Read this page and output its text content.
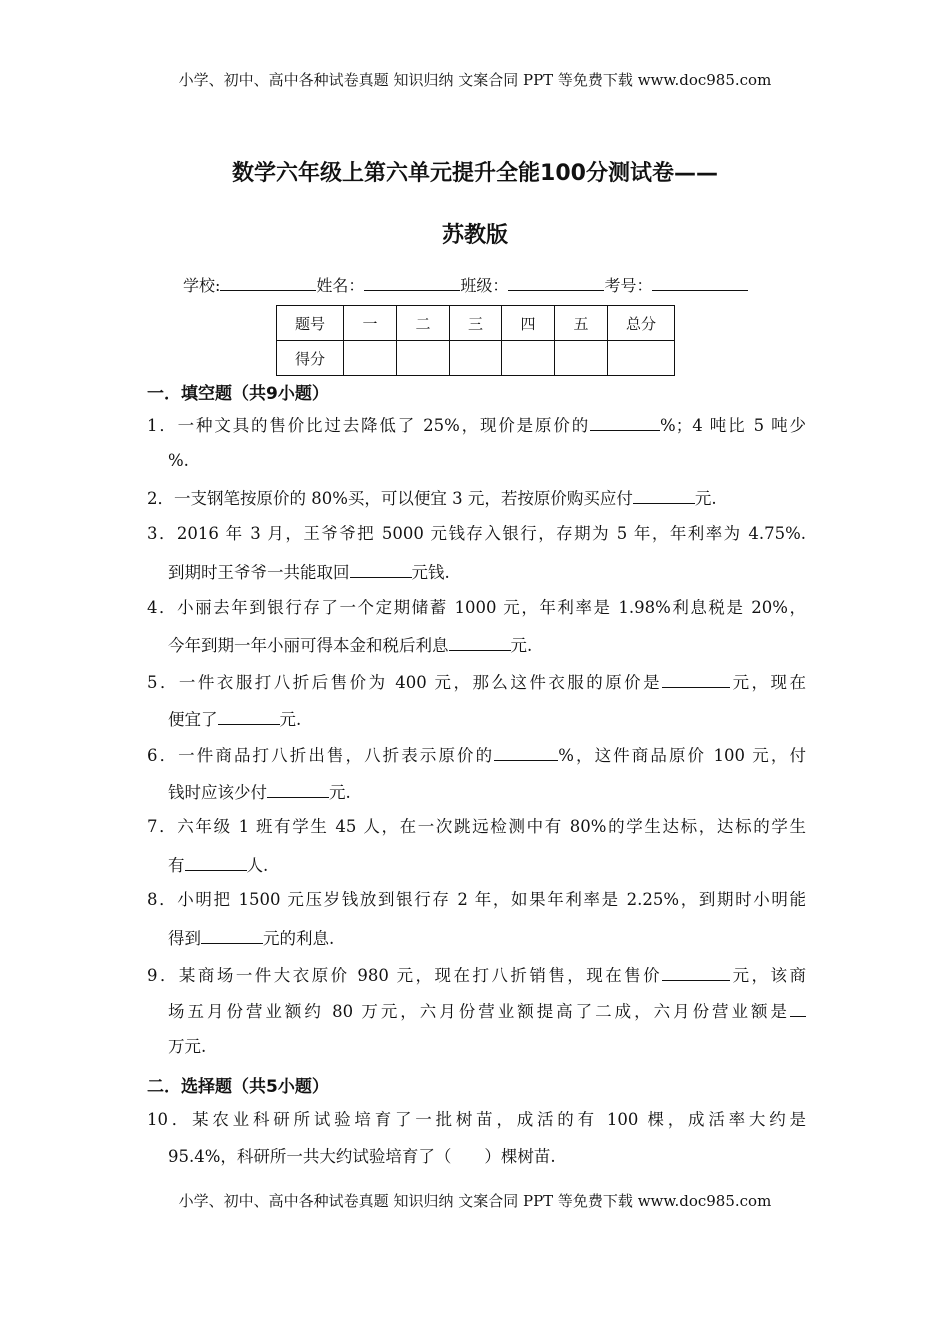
小学、初中、高中各种试卷真题 知识归纳 文案合同 PPT 等免费下载 www.doc985.com
数学六年级上第六单元提升全能100分测试卷——
苏教版
学校:	姓名：	班级：	考号：
题号	一	二	三	四	五	总分
得分						
一．填空题（共9小题）
二．选择题（共5小题）
1．一种文具的售价比过去降低了 25%，现价是原价的	%；4 吨比 5 吨少
%.
2．一支钢笔按原价的 80%买，可以便宜 3 元，若按原价购买应付	元.
3．2016 年 3 月，王爷爷把 5000 元钱存入银行，存期为 5 年，年利率为 4.75%.
到期时王爷爷一共能取回	元钱.
4．小丽去年到银行存了一个定期储蓄 1000 元，年利率是 1.98%利息税是 20%，
今年到期一年小丽可得本金和税后利息	元.
5．一件衣服打八折后售价为 400 元，那么这件衣服的原价是	元，现在
便宜了	元.
6．一件商品打八折出售，八折表示原价的	%，这件商品原价 100 元，付
钱时应该少付	元.
7．六年级 1 班有学生 45 人，在一次跳远检测中有 80%的学生达标，达标的学生
有	人.
8．小明把 1500 元压岁钱放到银行存 2 年，如果年利率是 2.25%，到期时小明能
得到	元的利息.
9．某商场一件大衣原价 980 元，现在打八折销售，现在售价	元，该商
场五月份营业额约 80 万元，六月份营业额提高了二成，六月份营业额是
万元.
10．某农业科研所试验培育了一批树苗，成活的有 100 棵，成活率大约是
95.4%，科研所一共大约试验培育了（　　）棵树苗.
小学、初中、高中各种试卷真题 知识归纳 文案合同 PPT 等免费下载 www.doc985.com
